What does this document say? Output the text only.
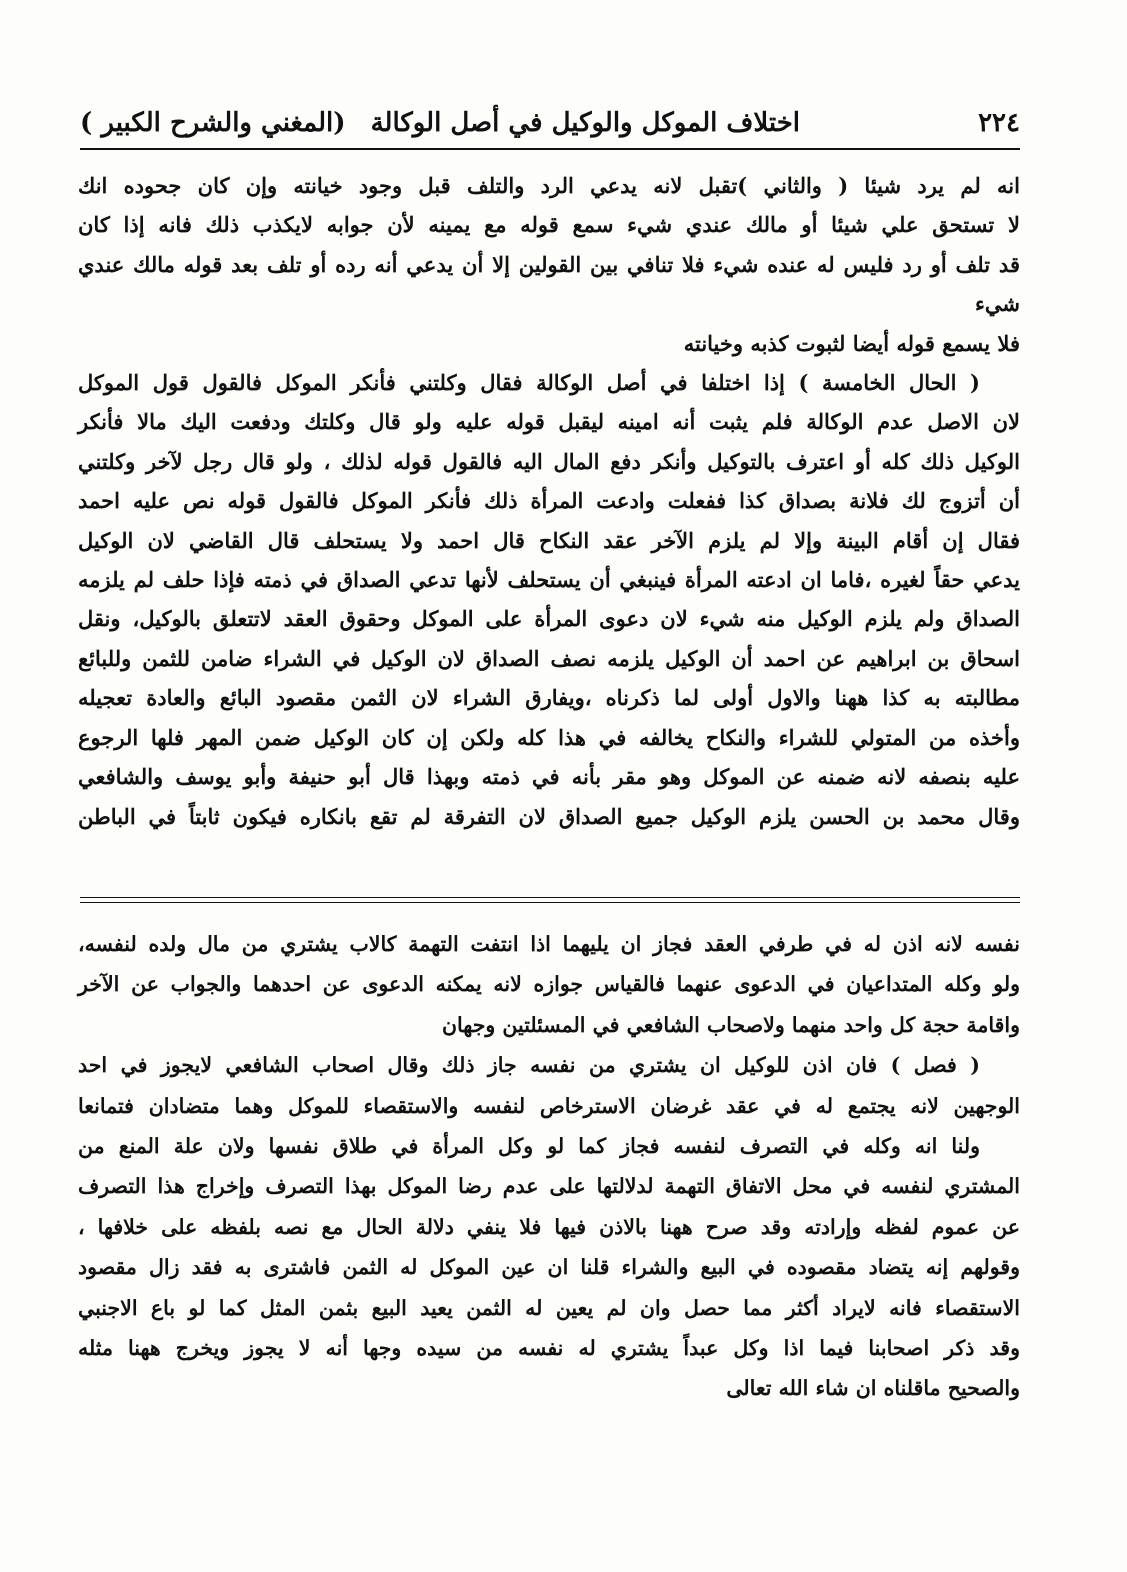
٢٢٤
اختلاف الموكل والوكيل في أصل الوكالة
(المغني والشرح الكبير )

انه لم يرد شيئا ( والثاني )تقبل لانه يدعي الرد والتلف قبل وجود خيانته وإن كان جحوده انك

لا تستحق علي شيئا أو مالك عندي شيء سمع قوله مع يمينه لأن جوابه لايكذب ذلك فانه إذا كان

قد تلف أو رد فليس له عنده شيء فلا تنافي بين القولين إلا أن يدعي أنه رده أو تلف بعد قوله مالك عندي شيء

فلا يسمع قوله أيضا لثبوت كذبه وخيانته

( الحال الخامسة ) إذا اختلفا في أصل الوكالة فقال وكلتني فأنكر الموكل فالقول قول الموكل

لان الاصل عدم الوكالة فلم يثبت أنه امينه ليقبل قوله عليه ولو قال وكلتك ودفعت اليك مالا فأنكر

الوكيل ذلك كله أو اعترف بالتوكيل وأنكر دفع المال اليه فالقول قوله لذلك ، ولو قال رجل لآخر وكلتني

أن أتزوج لك فلانة بصداق كذا ففعلت وادعت المرأة ذلك فأنكر الموكل فالقول قوله نص عليه احمد

فقال إن أقام البينة وإلا لم يلزم الآخر عقد النكاح قال احمد ولا يستحلف قال القاضي لان الوكيل

يدعي حقاً لغيره ،فاما ان ادعته المرأة فينبغي أن يستحلف لأنها تدعي الصداق في ذمته فإذا حلف لم يلزمه

الصداق ولم يلزم الوكيل منه شيء لان دعوى المرأة على الموكل وحقوق العقد لاتتعلق بالوكيل، ونقل

اسحاق بن ابراهيم عن احمد أن الوكيل يلزمه نصف الصداق لان الوكيل في الشراء ضامن للثمن وللبائع

مطالبته به كذا ههنا والاول أولى لما ذكرناه ،ويفارق الشراء لان الثمن مقصود البائع والعادة تعجيله

وأخذه من المتولي للشراء والنكاح يخالفه في هذا كله ولكن إن كان الوكيل ضمن المهر فلها الرجوع

عليه بنصفه لانه ضمنه عن الموكل وهو مقر بأنه في ذمته وبهذا قال أبو حنيفة وأبو يوسف والشافعي

وقال محمد بن الحسن يلزم الوكيل جميع الصداق لان التفرقة لم تقع بانكاره فيكون ثابتاً في الباطن

نفسه لانه اذن له في طرفي العقد فجاز ان يليهما اذا انتفت التهمة كالاب يشتري من مال ولده لنفسه،

ولو وكله المتداعيان في الدعوى عنهما فالقياس جوازه لانه يمكنه الدعوى عن احدهما والجواب عن الآخر

واقامة حجة كل واحد منهما ولاصحاب الشافعي في المسئلتين وجهان

( فصل ) فان اذن للوكيل ان يشتري من نفسه جاز ذلك وقال اصحاب الشافعي لايجوز في احد

الوجهين لانه يجتمع له في عقد غرضان الاسترخاص لنفسه والاستقصاء للموكل وهما متضادان فتمانعا

ولنا انه وكله في التصرف لنفسه فجاز كما لو وكل المرأة في طلاق نفسها ولان علة المنع من

المشتري لنفسه في محل الاتفاق التهمة لدلالتها على عدم رضا الموكل بهذا التصرف وإخراج هذا التصرف

عن عموم لفظه وإرادته وقد صرح ههنا بالاذن فيها فلا ينفي دلالة الحال مع نصه بلفظه على خلافها ،

وقولهم إنه يتضاد مقصوده في البيع والشراء قلنا ان عين الموكل له الثمن فاشترى به فقد زال مقصود

الاستقصاء فانه لايراد أكثر مما حصل وان لم يعين له الثمن يعيد البيع بثمن المثل كما لو باع الاجنبي

وقد ذكر اصحابنا فيما اذا وكل عبداً يشتري له نفسه من سيده وجها أنه لا يجوز ويخرج ههنا مثله

والصحيح ماقلناه ان شاء الله تعالى
